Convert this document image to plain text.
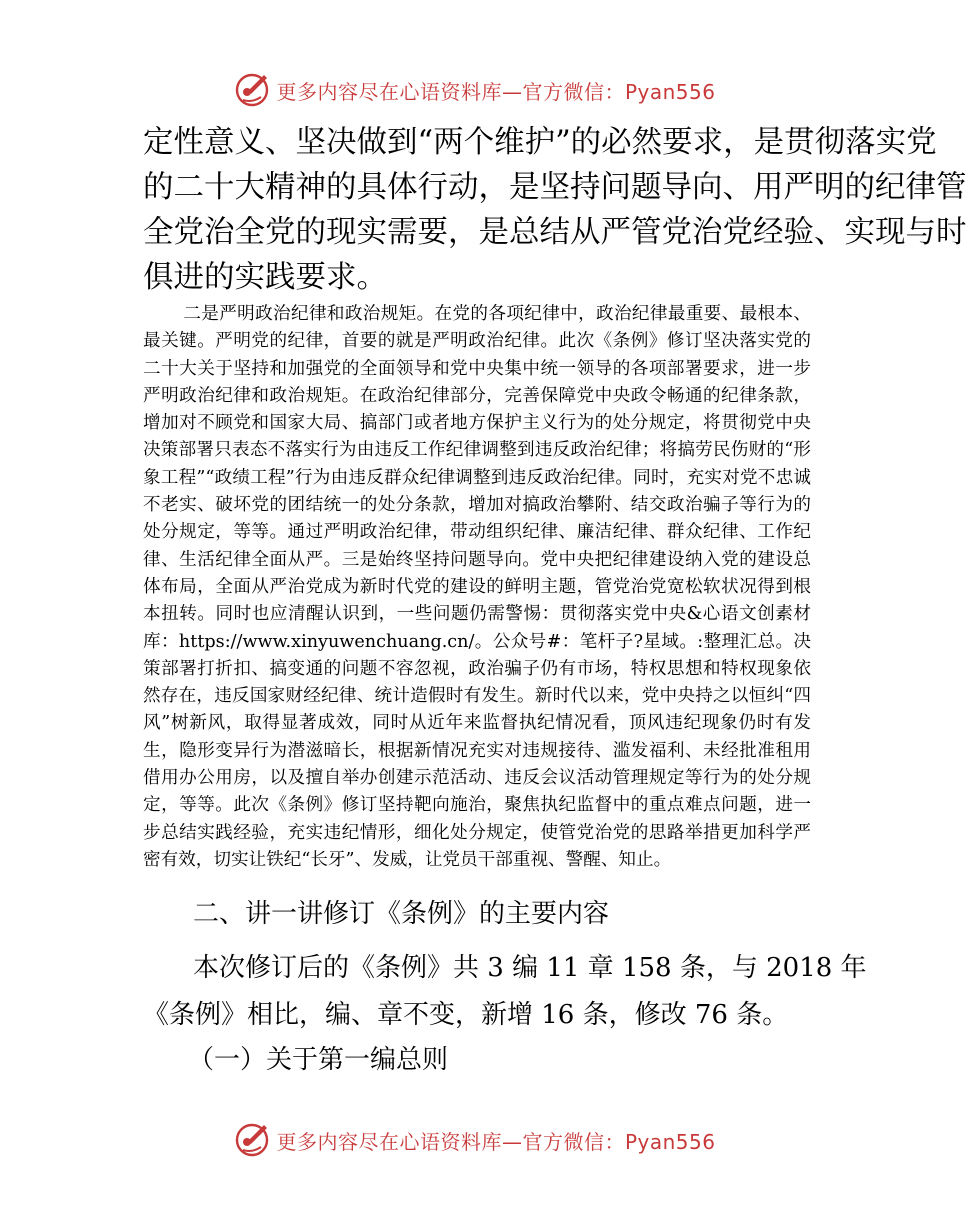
更多内容尽在心语资料库—官方微信：Pyan556

定性意义、坚决做到“两个维护”的必然要求，是贯彻落实党

的二十大精神的具体行动，是坚持问题导向、用严明的纪律管

全党治全党的现实需要，是总结从严管党治党经验、实现与时

俱进的实践要求。

二是严明政治纪律和政治规矩。在党的各项纪律中，政治纪律最重要、最根本、最关键。严明党的纪律，首要的就是严明政治纪律。此次《条例》修订坚决落实党的二十大关于坚持和加强党的全面领导和党中央集中统一领导的各项部署要求，进一步严明政治纪律和政治规矩。在政治纪律部分，完善保障党中央政令畅通的纪律条款，增加对不顾党和国家大局、搞部门或者地方保护主义行为的处分规定，将贯彻党中央决策部署只表态不落实行为由违反工作纪律调整到违反政治纪律；将搞劳民伤财的“形象工程”“政绩工程”行为由违反群众纪律调整到违反政治纪律。同时，充实对党不忠诚不老实、破坏党的团结统一的处分条款，增加对搞政治攀附、结交政治骗子等行为的处分规定，等等。通过严明政治纪律，带动组织纪律、廉洁纪律、群众纪律、工作纪律、生活纪律全面从严。三是始终坚持问题导向。党中央把纪律建设纳入党的建设总体布局，全面从严治党成为新时代党的建设的鲜明主题，管党治党宽松软状况得到根本扭转。同时也应清醒认识到，一些问题仍需警惕：贯彻落实党中央&心语文创素材库：https://www.xinyuwenchuang.cn/。公众号#：笔杆子?星域。:整理汇总。决策部署打折扣、搞变通的问题不容忽视，政治骗子仍有市场，特权思想和特权现象依然存在，违反国家财经纪律、统计造假时有发生。新时代以来，党中央持之以恒纠“四风”树新风，取得显著成效，同时从近年来监督执纪情况看，顶风违纪现象仍时有发生，隐形变异行为潜滋暗长，根据新情况充实对违规接待、滥发福利、未经批准租用借用办公用房，以及擅自举办创建示范活动、违反会议活动管理规定等行为的处分规定，等等。此次《条例》修订坚持靶向施治，聚焦执纪监督中的重点难点问题，进一步总结实践经验，充实违纪情形，细化处分规定，使管党治党的思路举措更加科学严密有效，切实让铁纪“长牙”、发威，让党员干部重视、警醒、知止。

二、讲一讲修订《条例》的主要内容

本次修订后的《条例》共 3 编 11 章 158 条，与 2018 年

《条例》相比，编、章不变，新增 16 条，修改 76 条。

（一）关于第一编总则
更多内容尽在心语资料库—官方微信：Pyan556
